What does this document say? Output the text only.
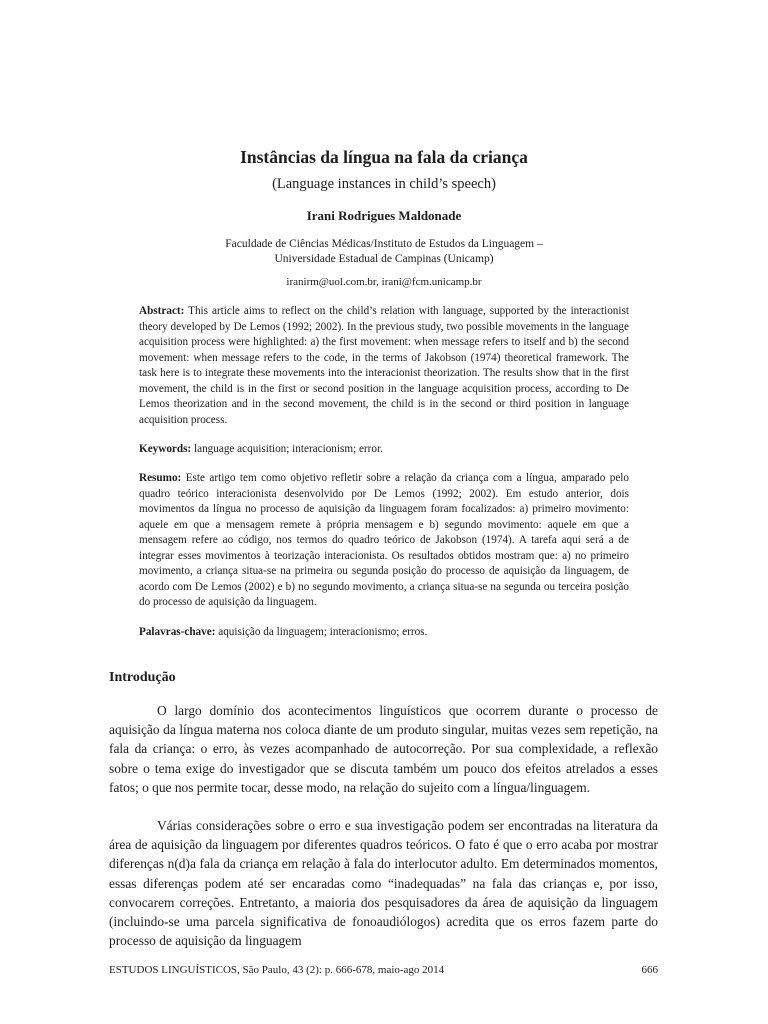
Instâncias da língua na fala da criança
(Language instances in child’s speech)
Irani Rodrigues Maldonade
Faculdade de Ciências Médicas/Instituto de Estudos da Linguagem –
Universidade Estadual de Campinas (Unicamp)
iranirm@uol.com.br, irani@fcm.unicamp.br
Abstract: This article aims to reflect on the child’s relation with language, supported by the interactionist theory developed by De Lemos (1992; 2002). In the previous study, two possible movements in the language acquisition process were highlighted: a) the first movement: when message refers to itself and b) the second movement: when message refers to the code, in the terms of Jakobson (1974) theoretical framework. The task here is to integrate these movements into the interacionist theorization. The results show that in the first movement, the child is in the first or second position in the language acquisition process, according to De Lemos theorization and in the second movement, the child is in the second or third position in language acquisition process.
Keywords: language acquisition; interacionism; error.
Resumo: Este artigo tem como objetivo refletir sobre a relação da criança com a língua, amparado pelo quadro teórico interacionista desenvolvido por De Lemos (1992; 2002). Em estudo anterior, dois movimentos da língua no processo de aquisição da linguagem foram focalizados: a) primeiro movimento: aquele em que a mensagem remete à própria mensagem e b) segundo movimento: aquele em que a mensagem refere ao código, nos termos do quadro teórico de Jakobson (1974). A tarefa aqui será a de integrar esses movimentos à teorização interacionista. Os resultados obtidos mostram que: a) no primeiro movimento, a criança situa-se na primeira ou segunda posição do processo de aquisição da linguagem, de acordo com De Lemos (2002) e b) no segundo movimento, a criança situa-se na segunda ou terceira posição do processo de aquisição da linguagem.
Palavras-chave: aquisição da linguagem; interacionismo; erros.
Introdução
O largo domínio dos acontecimentos linguísticos que ocorrem durante o processo de aquisição da língua materna nos coloca diante de um produto singular, muitas vezes sem repetição, na fala da criança: o erro, às vezes acompanhado de autocorreção. Por sua complexidade, a reflexão sobre o tema exige do investigador que se discuta também um pouco dos efeitos atrelados a esses fatos; o que nos permite tocar, desse modo, na relação do sujeito com a língua/linguagem.
Várias considerações sobre o erro e sua investigação podem ser encontradas na literatura da área de aquisição da linguagem por diferentes quadros teóricos. O fato é que o erro acaba por mostrar diferenças n(d)a fala da criança em relação à fala do interlocutor adulto. Em determinados momentos, essas diferenças podem até ser encaradas como “inadequadas” na fala das crianças e, por isso, convocarem correções. Entretanto, a maioria dos pesquisadores da área de aquisição da linguagem (incluindo-se uma parcela significativa de fonoaudiólogos) acredita que os erros fazem parte do processo de aquisição da linguagem
ESTUDOS LINGUÍSTICOS, São Paulo, 43 (2): p. 666-678, maio-ago 2014	666
